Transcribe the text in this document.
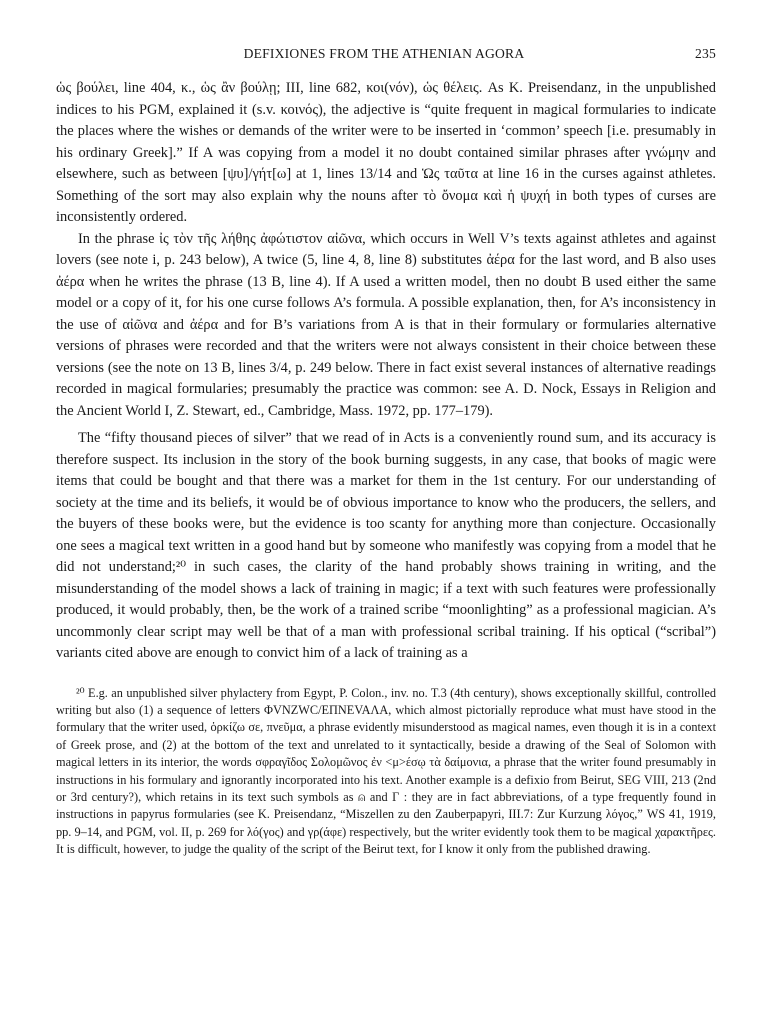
DEFIXIONES FROM THE ATHENIAN AGORA	235

ὡς βούλει, line 404, κ., ὡς ἂν βούλῃ; III, line 682, κοι(νόν), ὡς θέλεις. As K. Preisendanz, in the unpublished indices to his PGM, explained it (s.v. κοινός), the adjective is “quite frequent in magical formularies to indicate the places where the wishes or demands of the writer were to be inserted in ‘common’ speech [i.e. presumably in his ordinary Greek].” If A was copying from a model it no doubt contained similar phrases after γνώμην and elsewhere, such as between [ψυ]/γήτ[ω] at 1, lines 13/14 and Ὡς ταῦτα at line 16 in the curses against athletes. Something of the sort may also explain why the nouns after τὸ ὄνομα καὶ ἡ ψυχή in both types of curses are inconsistently ordered.

In the phrase ἰς τὸν τῆς λήθης ἀφώτιστον αἰῶνα, which occurs in Well V’s texts against athletes and against lovers (see note i, p. 243 below), A twice (5, line 4, 8, line 8) substitutes ἀέρα for the last word, and B also uses ἀέρα when he writes the phrase (13 B, line 4). If A used a written model, then no doubt B used either the same model or a copy of it, for his one curse follows A’s formula. A possible explanation, then, for A’s inconsistency in the use of αἰῶνα and ἀέρα and for B’s variations from A is that in their formulary or formularies alternative versions of phrases were recorded and that the writers were not always consistent in their choice between these versions (see the note on 13 B, lines 3/4, p. 249 below. There in fact exist several instances of alternative readings recorded in magical formularies; presumably the practice was common: see A. D. Nock, Essays in Religion and the Ancient World I, Z. Stewart, ed., Cambridge, Mass. 1972, pp. 177–179).

The “fifty thousand pieces of silver” that we read of in Acts is a conveniently round sum, and its accuracy is therefore suspect. Its inclusion in the story of the book burning suggests, in any case, that books of magic were items that could be bought and that there was a market for them in the 1st century. For our understanding of society at the time and its beliefs, it would be of obvious importance to know who the producers, the sellers, and the buyers of these books were, but the evidence is too scanty for anything more than conjecture. Occasionally one sees a magical text written in a good hand but by someone who manifestly was copying from a model that he did not understand;²⁰ in such cases, the clarity of the hand probably shows training in writing, and the misunderstanding of the model shows a lack of training in magic; if a text with such features were professionally produced, it would probably, then, be the work of a trained scribe “moonlighting” as a professional magician. A’s uncommonly clear script may well be that of a man with professional scribal training. If his optical (“scribal”) variants cited above are enough to convict him of a lack of training as a

²⁰ E.g. an unpublished silver phylactery from Egypt, P. Colon., inv. no. T.3 (4th century), shows exceptionally skillful, controlled writing but also (1) a sequence of letters ΦVNZWC/EΠNEVAΛA, which almost pictorially reproduce what must have stood in the formulary that the writer used, ὁρκίζω σε, πνεῦμα, a phrase evidently misunderstood as magical names, even though it is in a context of Greek prose, and (2) at the bottom of the text and unrelated to it syntactically, beside a drawing of the Seal of Solomon with magical letters in its interior, the words σφραγῖδος Σολομῶνος ἐν <μ>έσῳ τὰ δαίμονια, a phrase that the writer found presumably in instructions in his formulary and ignorantly incorporated into his text. Another example is a defixio from Beirut, SEG VIII, 213 (2nd or 3rd century?), which retains in its text such symbols as ⍝ and Γ : they are in fact abbreviations, of a type frequently found in instructions in papyrus formularies (see K. Preisendanz, “Miszellen zu den Zauberpapyri, III.7: Zur Kurzung λόγος,” WS 41, 1919, pp. 9–14, and PGM, vol. II, p. 269 for λό(γος) and γρ(άφε) respectively, but the writer evidently took them to be magical χαρακτῆρες. It is difficult, however, to judge the quality of the script of the Beirut text, for I know it only from the published drawing.
